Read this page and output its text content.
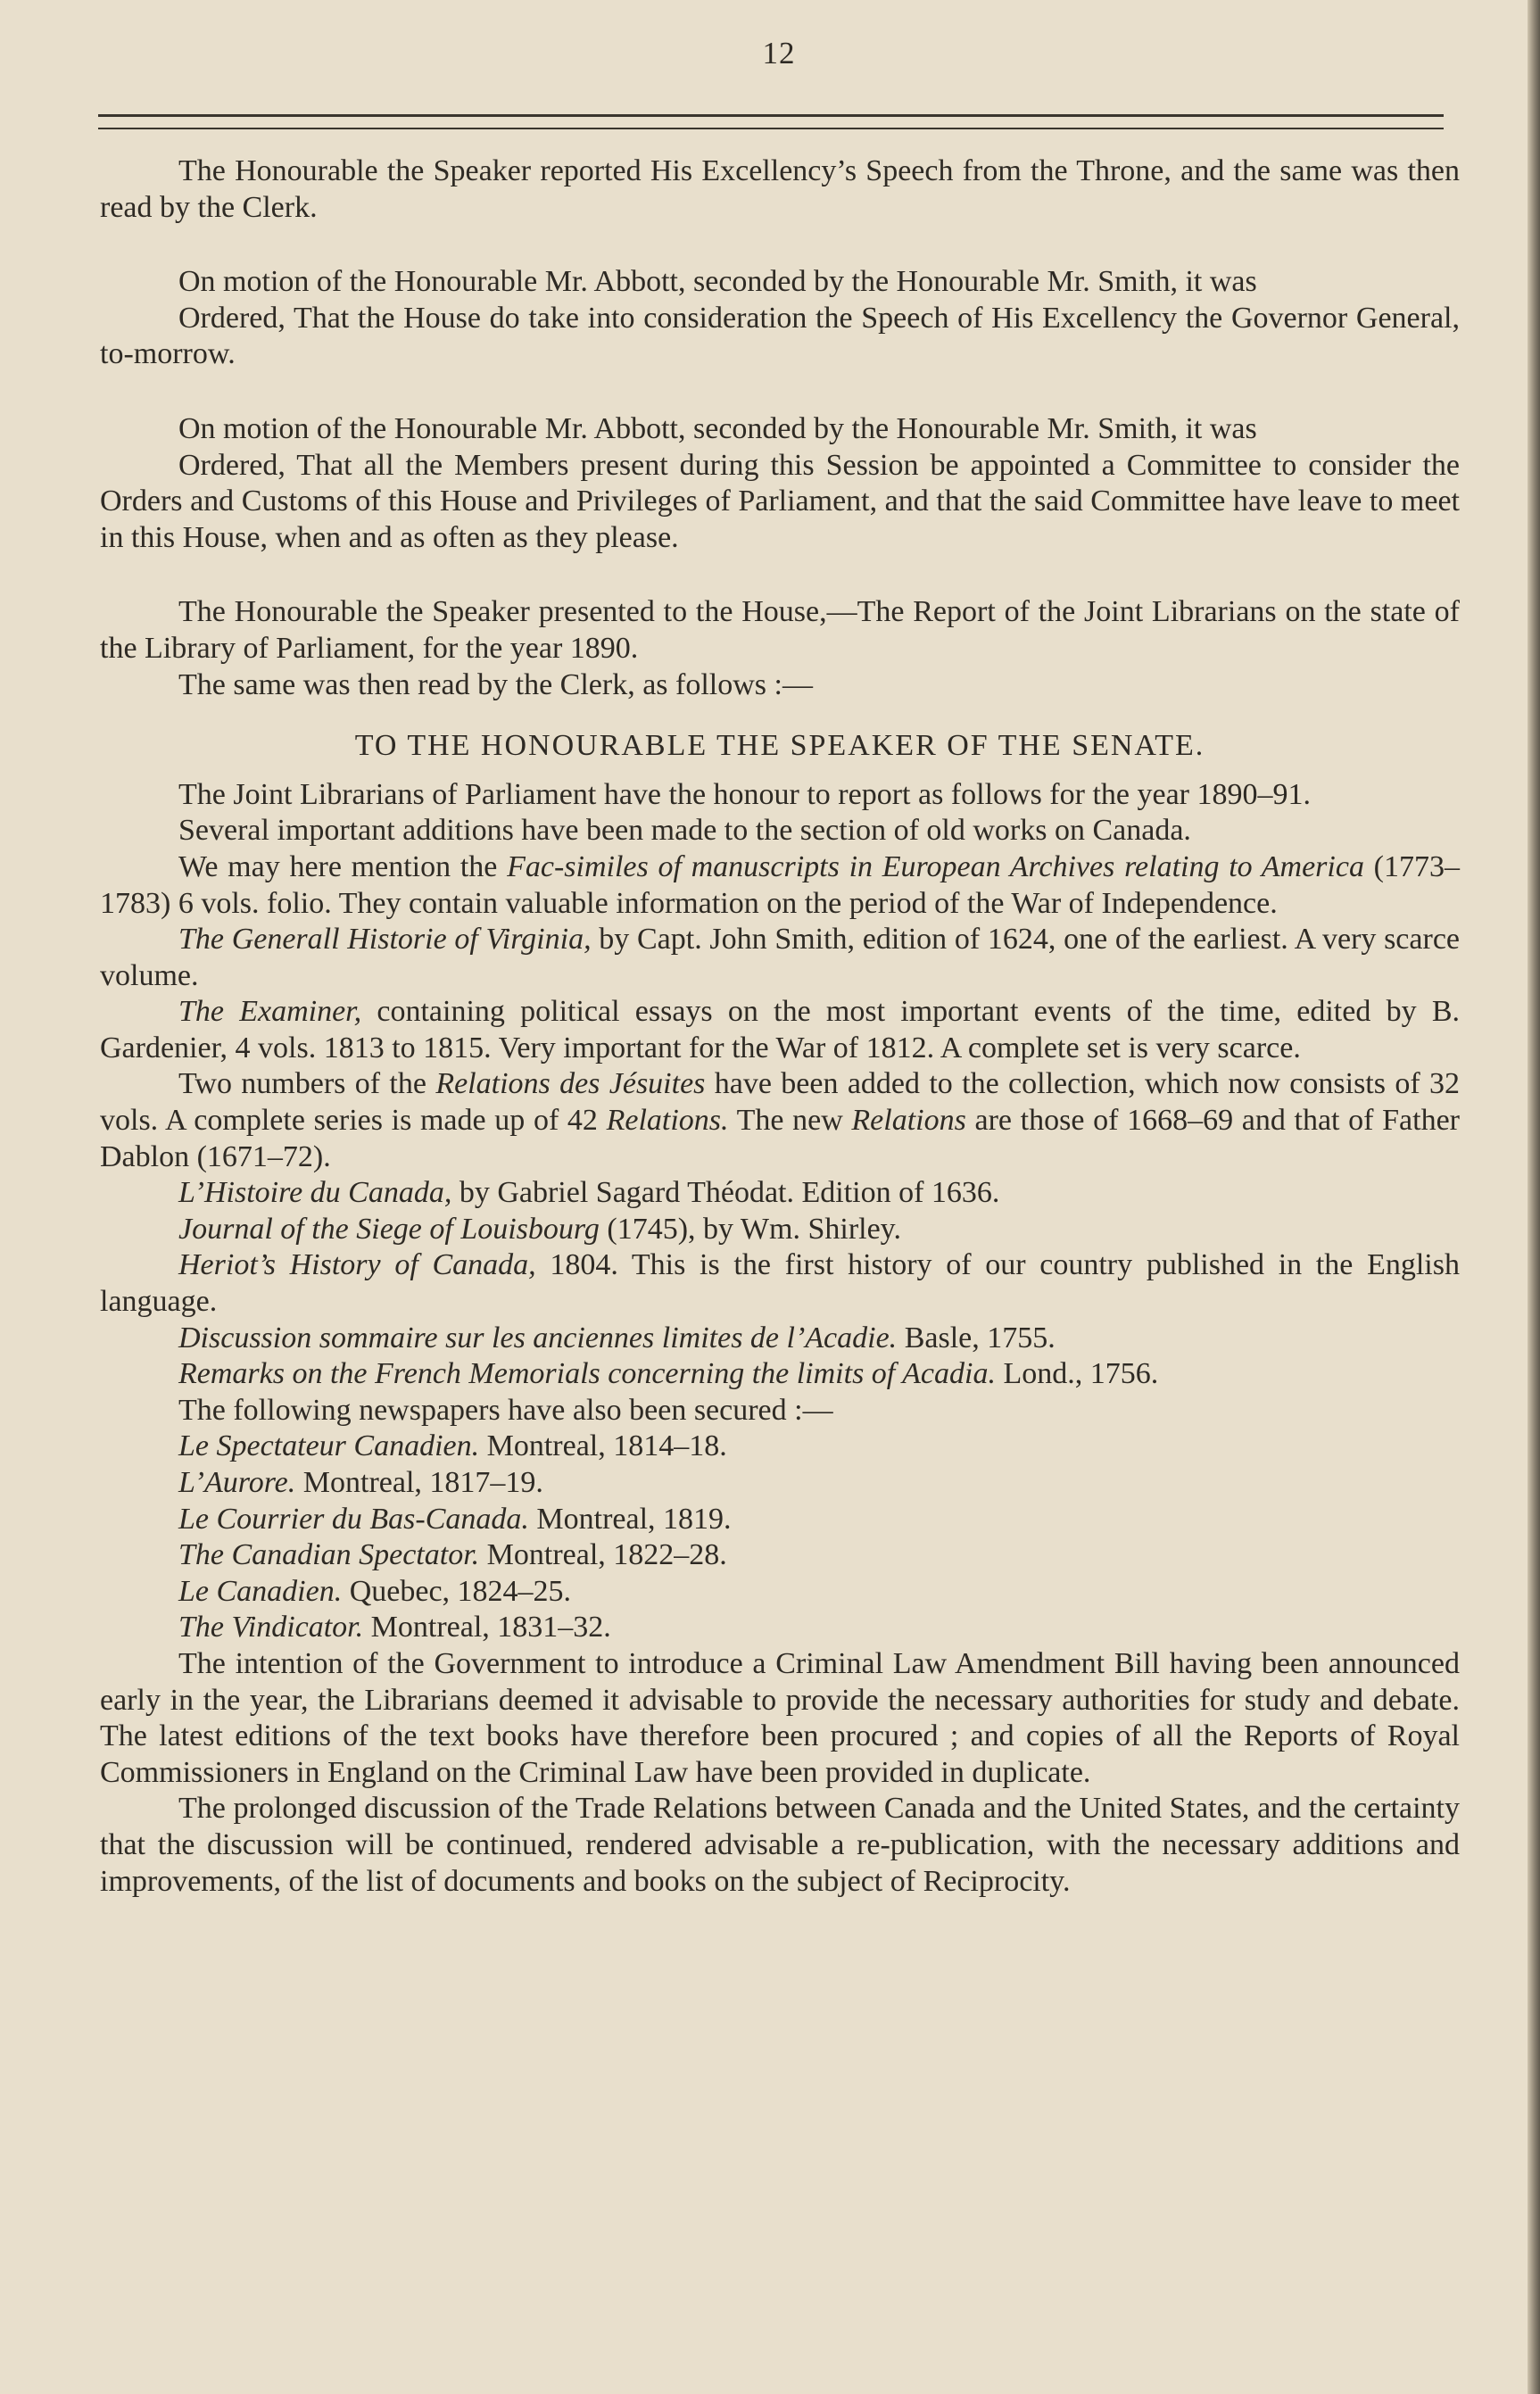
12

The Honourable the Speaker reported His Excellency’s Speech from the Throne, and the same was then read by the Clerk.

On motion of the Honourable Mr. Abbott, seconded by the Honourable Mr. Smith, it was

Ordered, That the House do take into consideration the Speech of His Excellency the Governor General, to-morrow.

On motion of the Honourable Mr. Abbott, seconded by the Honourable Mr. Smith, it was

Ordered, That all the Members present during this Session be appointed a Committee to consider the Orders and Customs of this House and Privileges of Parliament, and that the said Committee have leave to meet in this House, when and as often as they please.

The Honourable the Speaker presented to the House,—The Report of the Joint Librarians on the state of the Library of Parliament, for the year 1890.

The same was then read by the Clerk, as follows :—

TO THE HONOURABLE THE SPEAKER OF THE SENATE.

The Joint Librarians of Parliament have the honour to report as follows for the year 1890–91.

Several important additions have been made to the section of old works on Canada.

We may here mention the Fac-similes of manuscripts in European Archives relating to America (1773–1783) 6 vols. folio. They contain valuable information on the period of the War of Independence.

The Generall Historie of Virginia, by Capt. John Smith, edition of 1624, one of the earliest. A very scarce volume.

The Examiner, containing political essays on the most important events of the time, edited by B. Gardenier, 4 vols. 1813 to 1815. Very important for the War of 1812. A complete set is very scarce.

Two numbers of the Relations des Jésuites have been added to the collection, which now consists of 32 vols. A complete series is made up of 42 Relations. The new Relations are those of 1668–69 and that of Father Dablon (1671–72).

L’Histoire du Canada, by Gabriel Sagard Théodat. Edition of 1636.

Journal of the Siege of Louisbourg (1745), by Wm. Shirley.

Heriot’s History of Canada, 1804. This is the first history of our country published in the English language.

Discussion sommaire sur les anciennes limites de l’Acadie. Basle, 1755.

Remarks on the French Memorials concerning the limits of Acadia. Lond., 1756.

The following newspapers have also been secured :—

Le Spectateur Canadien. Montreal, 1814–18.

L’Aurore. Montreal, 1817–19.

Le Courrier du Bas-Canada. Montreal, 1819.

The Canadian Spectator. Montreal, 1822–28.

Le Canadien. Quebec, 1824–25.

The Vindicator. Montreal, 1831–32.

The intention of the Government to introduce a Criminal Law Amendment Bill having been announced early in the year, the Librarians deemed it advisable to provide the necessary authorities for study and debate. The latest editions of the text books have therefore been procured ; and copies of all the Reports of Royal Commissioners in England on the Criminal Law have been provided in duplicate.

The prolonged discussion of the Trade Relations between Canada and the United States, and the certainty that the discussion will be continued, rendered advisable a re-publication, with the necessary additions and improvements, of the list of documents and books on the subject of Reciprocity.
